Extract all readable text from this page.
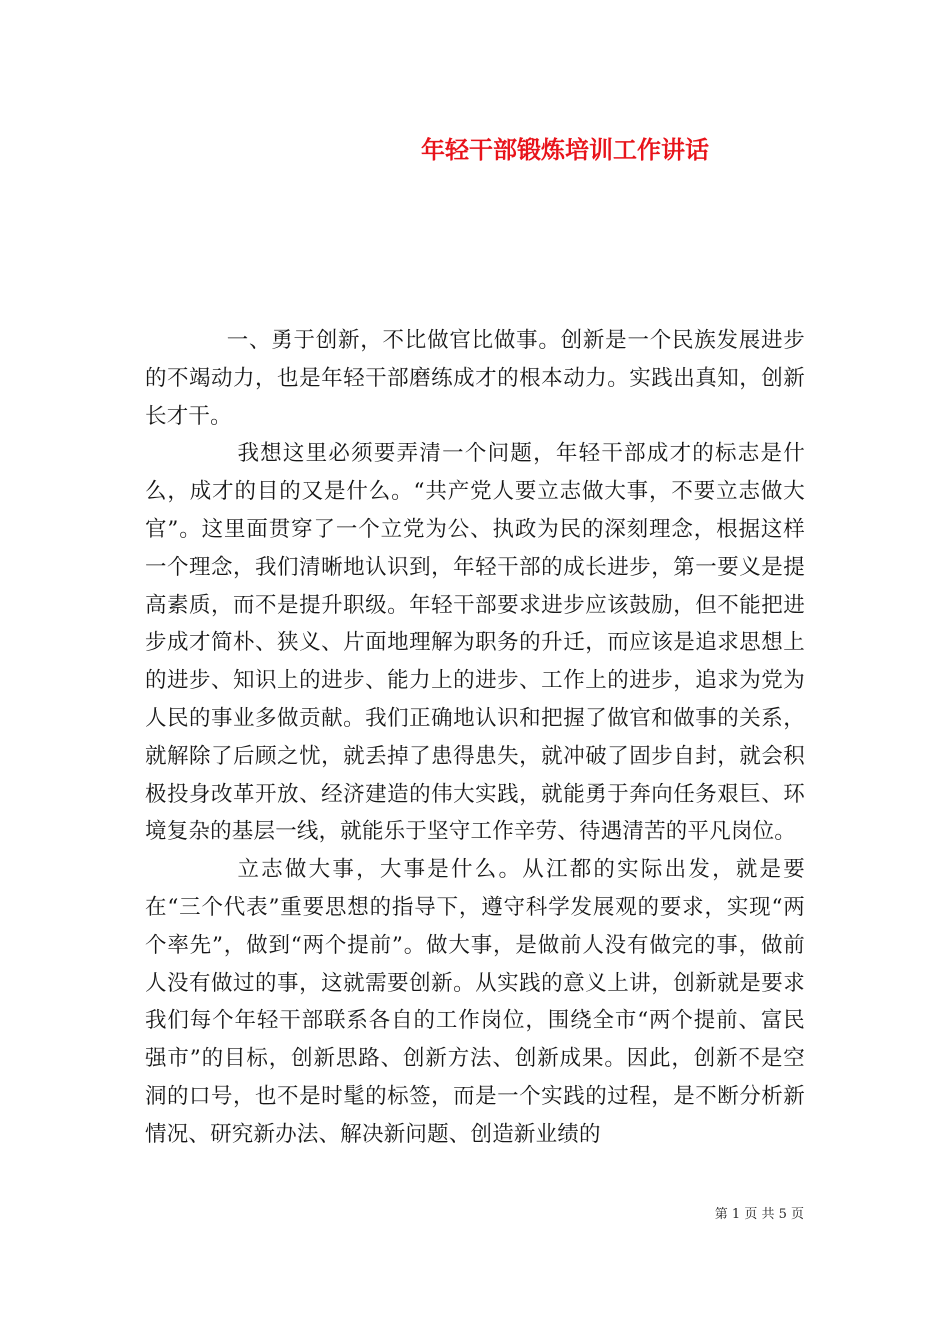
年轻干部锻炼培训工作讲话

一、勇于创新，不比做官比做事。创新是一个民族发展进步的不竭动力，也是年轻干部磨练成才的根本动力。实践出真知，创新长才干。

我想这里必须要弄清一个问题，年轻干部成才的标志是什么，成才的目的又是什么。“共产党人要立志做大事，不要立志做大官”。这里面贯穿了一个立党为公、执政为民的深刻理念，根据这样一个理念，我们清晰地认识到，年轻干部的成长进步，第一要义是提高素质，而不是提升职级。年轻干部要求进步应该鼓励，但不能把进步成才简朴、狭义、片面地理解为职务的升迁，而应该是追求思想上的进步、知识上的进步、能力上的进步、工作上的进步，追求为党为人民的事业多做贡献。我们正确地认识和把握了做官和做事的关系，就解除了后顾之忧，就丢掉了患得患失，就冲破了固步自封，就会积极投身改革开放、经济建造的伟大实践，就能勇于奔向任务艰巨、环境复杂的基层一线，就能乐于坚守工作辛劳、待遇清苦的平凡岗位。

立志做大事，大事是什么。从江都的实际出发，就是要在“三个代表”重要思想的指导下，遵守科学发展观的要求，实现“两个率先”，做到“两个提前”。做大事，是做前人没有做完的事，做前人没有做过的事，这就需要创新。从实践的意义上讲，创新就是要求我们每个年轻干部联系各自的工作岗位，围绕全市“两个提前、富民强市”的目标，创新思路、创新方法、创新成果。因此，创新不是空洞的口号，也不是时髦的标签，而是一个实践的过程，是不断分析新情况、研究新办法、解决新问题、创造新业绩的

第 1 页 共 5 页
